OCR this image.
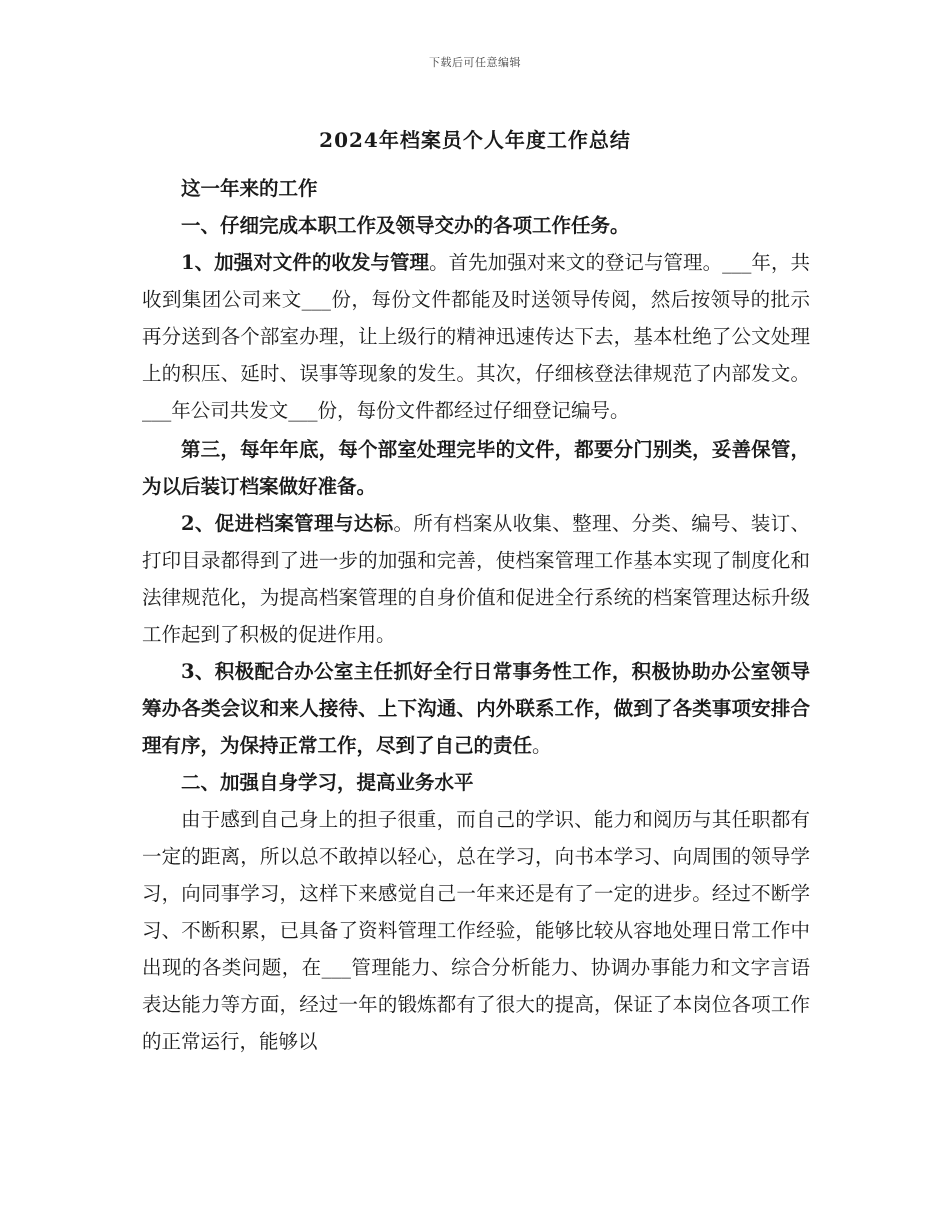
下载后可任意编辑
2024年档案员个人年度工作总结

这一年来的工作

一、仔细完成本职工作及领导交办的各项工作任务。

1、加强对文件的收发与管理。首先加强对来文的登记与管理。___年，共收到集团公司来文___份，每份文件都能及时送领导传阅，然后按领导的批示再分送到各个部室办理，让上级行的精神迅速传达下去，基本杜绝了公文处理上的积压、延时、误事等现象的发生。其次，仔细核登法律规范了内部发文。___年公司共发文___份，每份文件都经过仔细登记编号。

第三，每年年底，每个部室处理完毕的文件，都要分门别类，妥善保管，为以后装订档案做好准备。

2、促进档案管理与达标。所有档案从收集、整理、分类、编号、装订、打印目录都得到了进一步的加强和完善，使档案管理工作基本实现了制度化和法律规范化，为提高档案管理的自身价值和促进全行系统的档案管理达标升级工作起到了积极的促进作用。

3、积极配合办公室主任抓好全行日常事务性工作，积极协助办公室领导筹办各类会议和来人接待、上下沟通、内外联系工作，做到了各类事项安排合理有序，为保持正常工作，尽到了自己的责任。

二、加强自身学习，提高业务水平

由于感到自己身上的担子很重，而自己的学识、能力和阅历与其任职都有一定的距离，所以总不敢掉以轻心，总在学习，向书本学习、向周围的领导学习，向同事学习，这样下来感觉自己一年来还是有了一定的进步。经过不断学习、不断积累，已具备了资料管理工作经验，能够比较从容地处理日常工作中出现的各类问题，在___管理能力、综合分析能力、协调办事能力和文字言语表达能力等方面，经过一年的锻炼都有了很大的提高，保证了本岗位各项工作的正常运行，能够以
